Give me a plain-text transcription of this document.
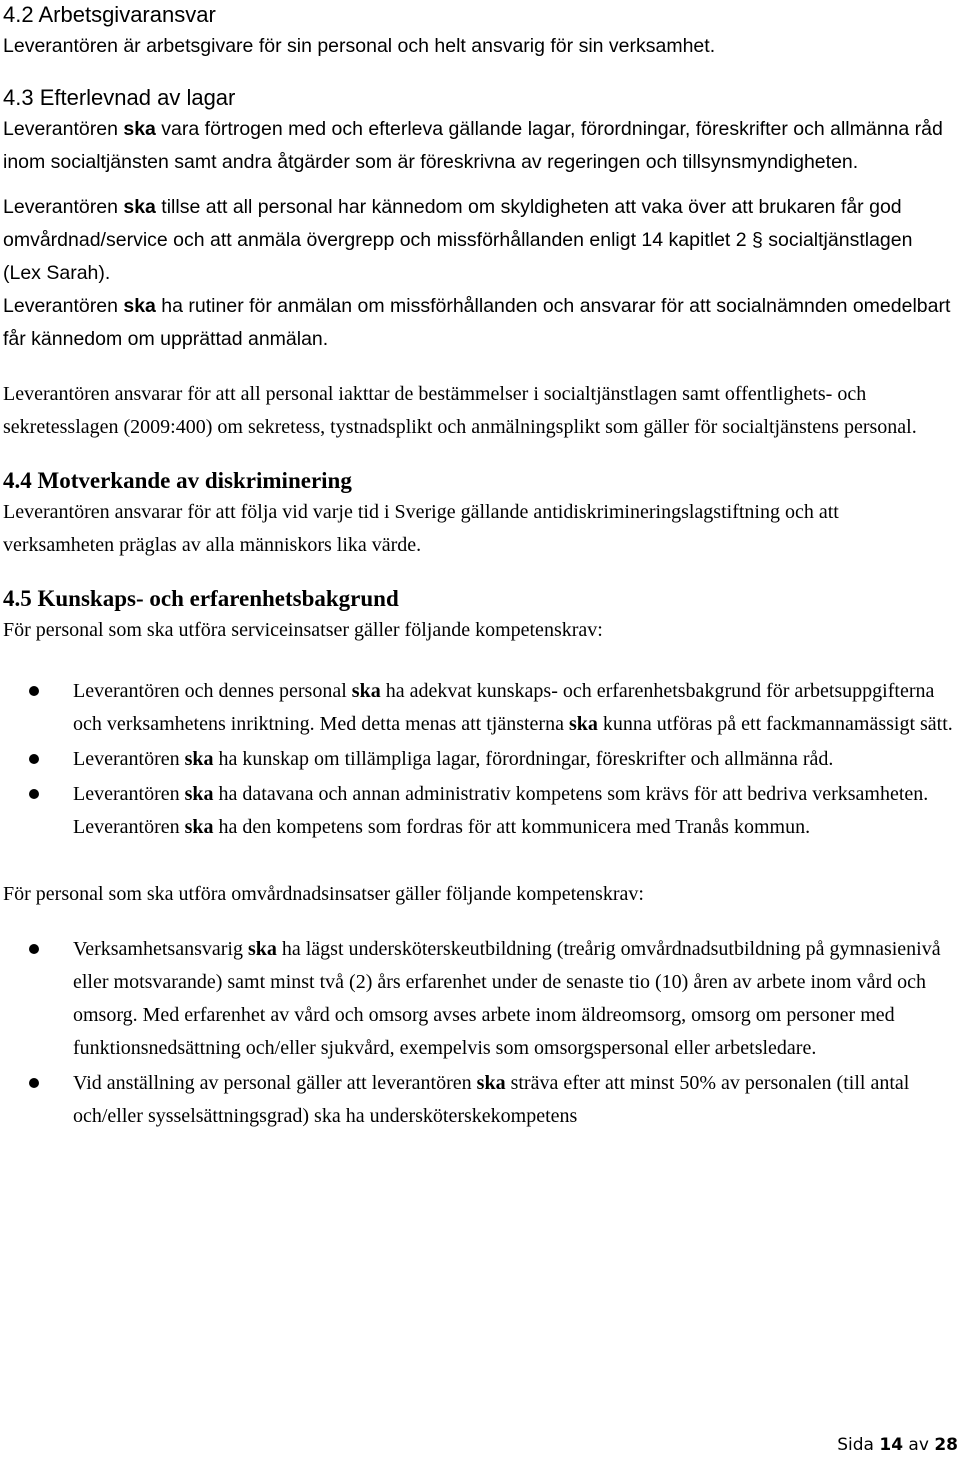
4.2 Arbetsgivaransvar

Leverantören är arbetsgivare för sin personal och helt ansvarig för sin verksamhet.

4.3 Efterlevnad av lagar

Leverantören ska vara förtrogen med och efterleva gällande lagar, förordningar, föreskrifter och allmänna råd inom socialtjänsten samt andra åtgärder som är föreskrivna av regeringen och tillsynsmyndigheten.

Leverantören ska tillse att all personal har kännedom om skyldigheten att vaka över att brukaren får god omvårdnad/service och att anmäla övergrepp och missförhållanden enligt 14 kapitlet 2 § socialtjänstlagen (Lex Sarah).

Leverantören ska ha rutiner för anmälan om missförhållanden och ansvarar för att socialnämnden omedelbart får kännedom om upprättad anmälan.

Leverantören ansvarar för att all personal iakttar de bestämmelser i socialtjänstlagen samt offentlighets- och sekretesslagen (2009:400) om sekretess, tystnadsplikt och anmälningsplikt som gäller för socialtjänstens personal.

4.4 Motverkande av diskriminering

Leverantören ansvarar för att följa vid varje tid i Sverige gällande antidiskrimineringslagstiftning och att verksamheten präglas av alla människors lika värde.

4.5 Kunskaps- och erfarenhetsbakgrund

För personal som ska utföra serviceinsatser gäller följande kompetenskrav:

Leverantören och dennes personal ska ha adekvat kunskaps- och erfarenhetsbakgrund för arbetsuppgifterna och verksamhetens inriktning. Med detta menas att tjänsterna ska kunna utföras på ett fackmannamässigt sätt.
Leverantören ska ha kunskap om tillämpliga lagar, förordningar, föreskrifter och allmänna råd.
Leverantören ska ha datavana och annan administrativ kompetens som krävs för att bedriva verksamheten. Leverantören ska ha den kompetens som fordras för att kommunicera med Tranås kommun.

För personal som ska utföra omvårdnadsinsatser gäller följande kompetenskrav:

Verksamhetsansvarig ska ha lägst undersköterskeutbildning (treårig omvårdnadsutbildning på gymnasienivå eller motsvarande) samt minst två (2) års erfarenhet under de senaste tio (10) åren av arbete inom vård och omsorg. Med erfarenhet av vård och omsorg avses arbete inom äldreomsorg, omsorg om personer med funktionsnedsättning och/eller sjukvård, exempelvis som omsorgspersonal eller arbetsledare.
Vid anställning av personal gäller att leverantören ska sträva efter att minst 50% av personalen (till antal och/eller sysselsättningsgrad) ska ha undersköterskekompetens
Sida 14 av 28
